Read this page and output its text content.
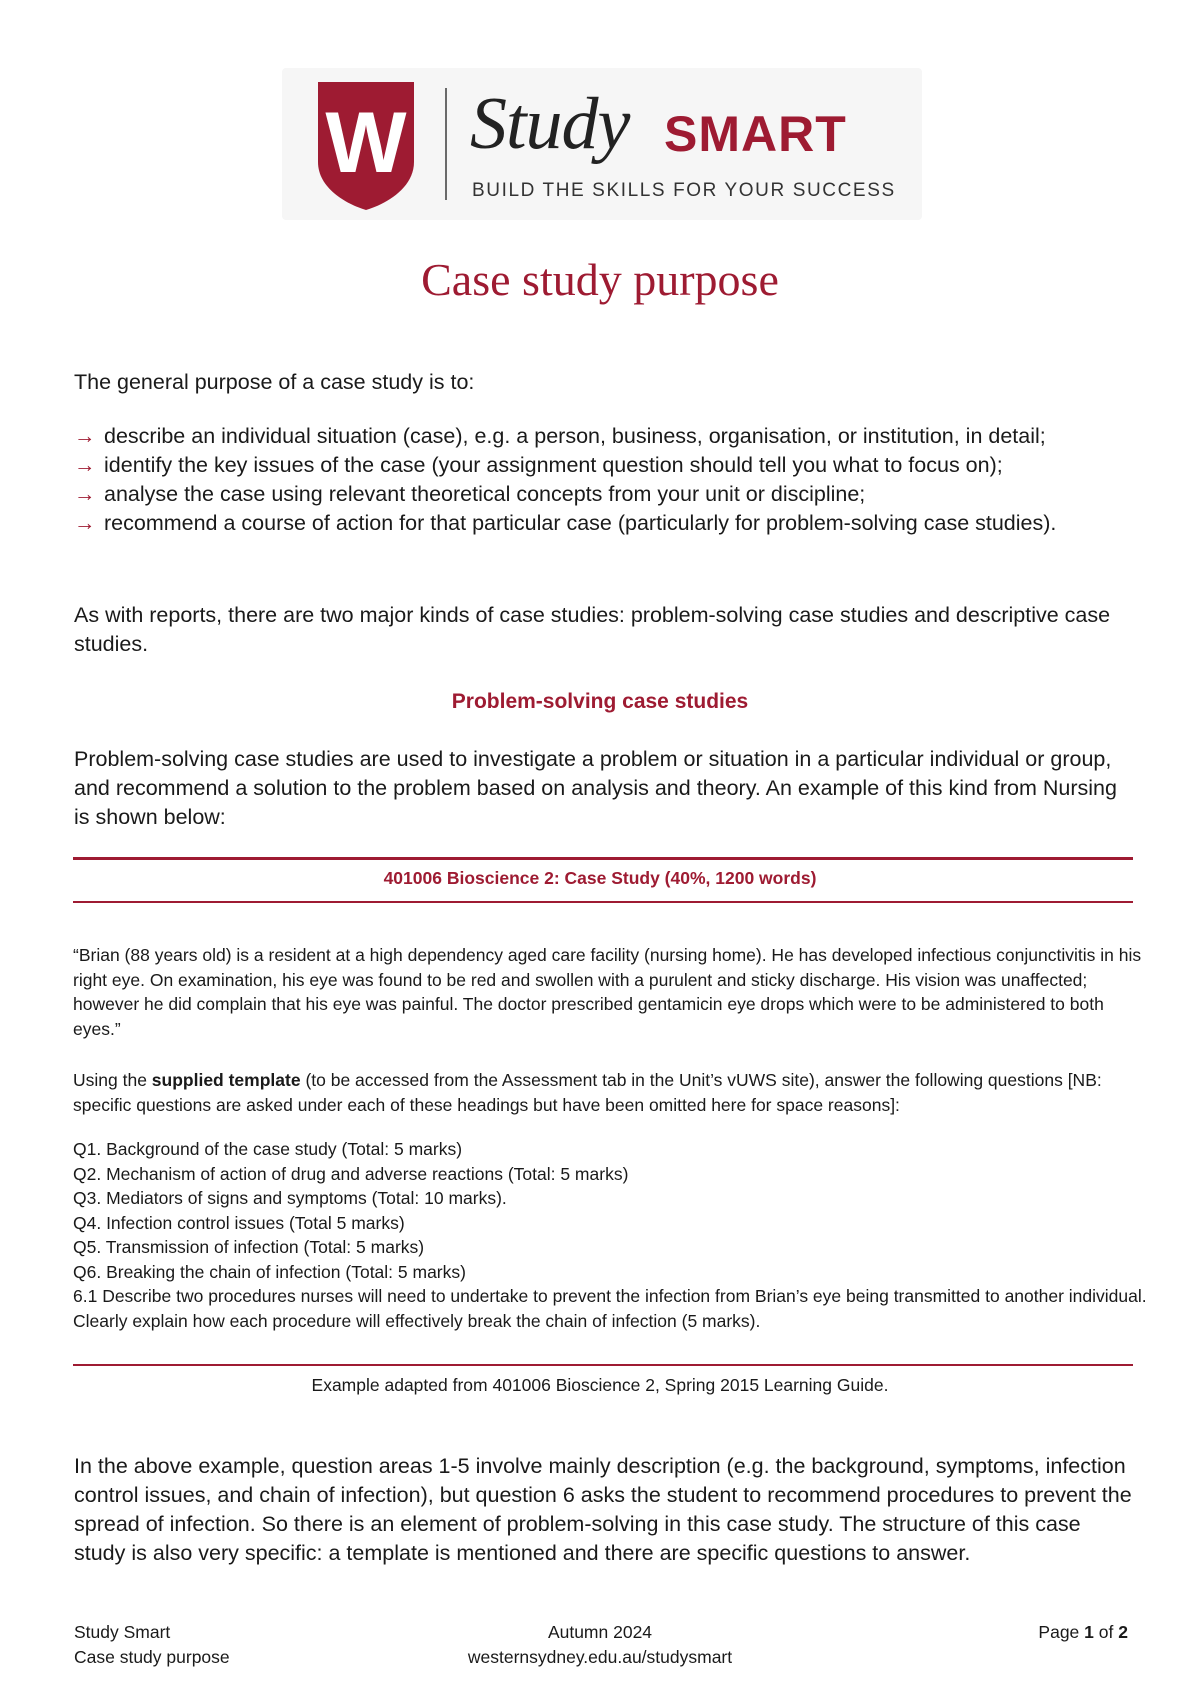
W Study SMART
BUILD THE SKILLS FOR YOUR SUCCESS
Case study purpose

The general purpose of a case study is to:

→ describe an individual situation (case), e.g. a person, business, organisation, or institution, in detail;
→ identify the key issues of the case (your assignment question should tell you what to focus on);
→ analyse the case using relevant theoretical concepts from your unit or discipline;
→ recommend a course of action for that particular case (particularly for problem-solving case studies).

As with reports, there are two major kinds of case studies: problem-solving case studies and descriptive case studies.

Problem-solving case studies

Problem-solving case studies are used to investigate a problem or situation in a particular individual or group, and recommend a solution to the problem based on analysis and theory. An example of this kind from Nursing is shown below:

401006 Bioscience 2: Case Study (40%, 1200 words)

“Brian (88 years old) is a resident at a high dependency aged care facility (nursing home). He has developed infectious conjunctivitis in his right eye. On examination, his eye was found to be red and swollen with a purulent and sticky discharge. His vision was unaffected; however he did complain that his eye was painful. The doctor prescribed gentamicin eye drops which were to be administered to both eyes.”

Using the supplied template (to be accessed from the Assessment tab in the Unit’s vUWS site), answer the following questions [NB: specific questions are asked under each of these headings but have been omitted here for space reasons]:

Q1. Background of the case study (Total: 5 marks)
Q2. Mechanism of action of drug and adverse reactions (Total: 5 marks)
Q3. Mediators of signs and symptoms (Total: 10 marks).
Q4. Infection control issues (Total 5 marks)
Q5. Transmission of infection (Total: 5 marks)
Q6. Breaking the chain of infection (Total: 5 marks)
6.1 Describe two procedures nurses will need to undertake to prevent the infection from Brian’s eye being transmitted to another individual. Clearly explain how each procedure will effectively break the chain of infection (5 marks).

Example adapted from 401006 Bioscience 2, Spring 2015 Learning Guide.

In the above example, question areas 1-5 involve mainly description (e.g. the background, symptoms, infection control issues, and chain of infection), but question 6 asks the student to recommend procedures to prevent the spread of infection. So there is an element of problem-solving in this case study. The structure of this case study is also very specific: a template is mentioned and there are specific questions to answer.

Study Smart
Case study purpose
Autumn 2024
westernsydney.edu.au/studysmart
Page 1 of 2
